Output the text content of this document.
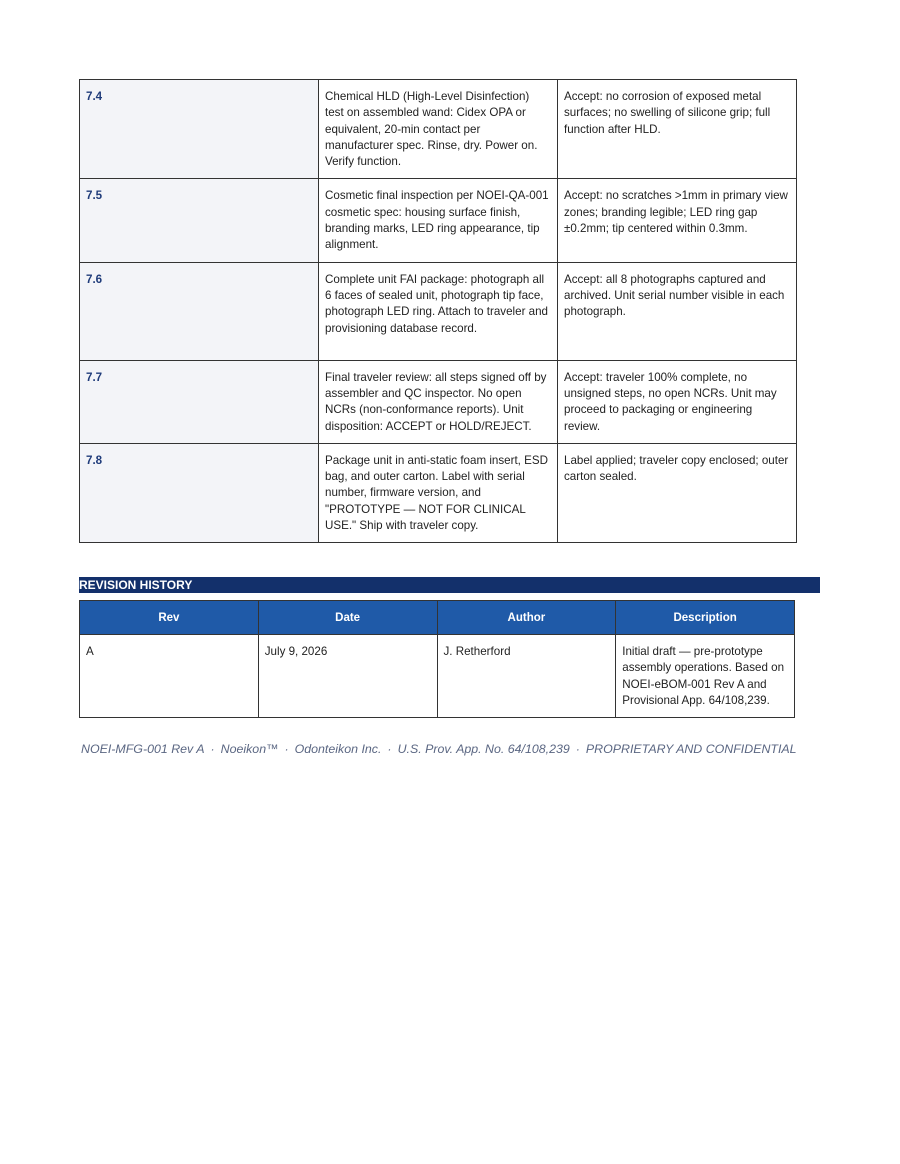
7.4	Chemical HLD (High-Level Disinfection) test on assembled wand: Cidex OPA or equivalent, 20-min contact per manufacturer spec. Rinse, dry. Power on. Verify function.	Accept: no corrosion of exposed metal surfaces; no swelling of silicone grip; full function after HLD.
7.5	Cosmetic final inspection per NOEI-QA-001 cosmetic spec: housing surface finish, branding marks, LED ring appearance, tip alignment.	Accept: no scratches >1mm in primary view zones; branding legible; LED ring gap ±0.2mm; tip centered within 0.3mm.
7.6	Complete unit FAI package: photograph all 6 faces of sealed unit, photograph tip face, photograph LED ring. Attach to traveler and provisioning database record.	Accept: all 8 photographs captured and archived. Unit serial number visible in each photograph.
7.7	Final traveler review: all steps signed off by assembler and QC inspector. No open NCRs (non-conformance reports). Unit disposition: ACCEPT or HOLD/REJECT.	Accept: traveler 100% complete, no unsigned steps, no open NCRs. Unit may proceed to packaging or engineering review.
7.8	Package unit in anti-static foam insert, ESD bag, and outer carton. Label with serial number, firmware version, and "PROTOTYPE — NOT FOR CLINICAL USE." Ship with traveler copy.	Label applied; traveler copy enclosed; outer carton sealed.
REVISION HISTORY
Rev	Date	Author	Description
A	July 9, 2026	J. Retherford	Initial draft — pre-prototype assembly operations. Based on NOEI-eBOM-001 Rev A and Provisional App. 64/108,239.
NOEI-MFG-001 Rev A · Noeikon™ · Odonteikon Inc. · U.S. Prov. App. No. 64/108,239 · PROPRIETARY AND CONFIDENTIAL
